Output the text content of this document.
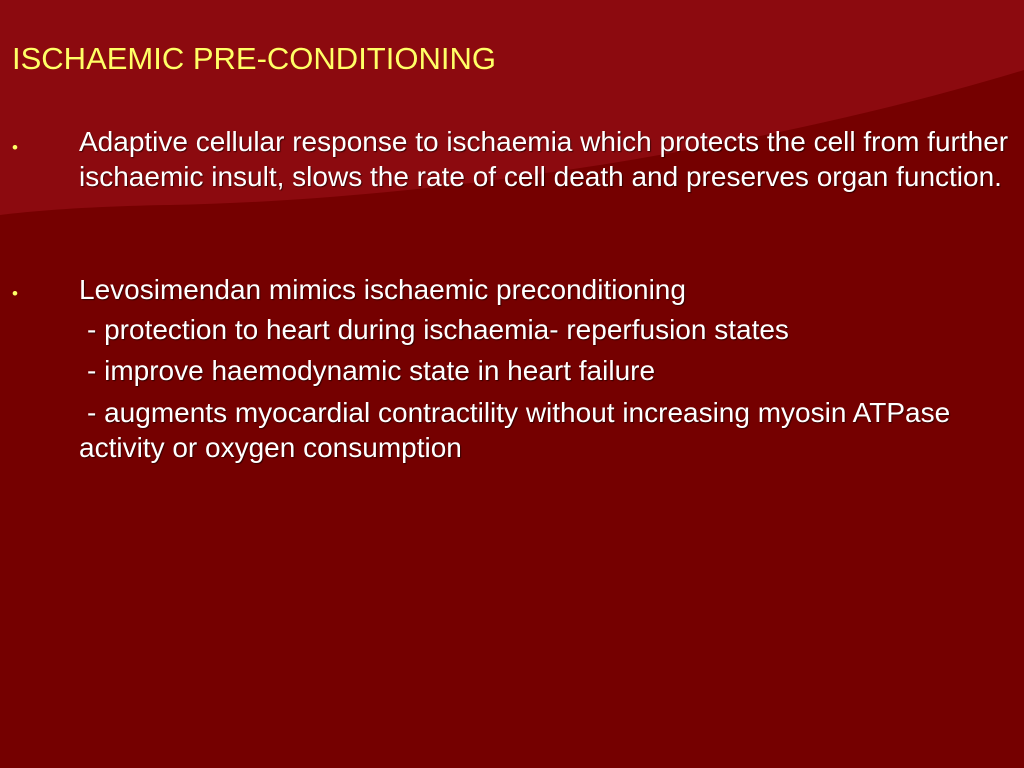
ISCHAEMIC PRE-CONDITIONING
• Adaptive cellular response to ischaemia which protects the cell from further ischaemic insult, slows the rate of cell death and preserves organ function.
• Levosimendan mimics ischaemic preconditioning
- protection to heart during ischaemia- reperfusion states
- improve haemodynamic state in heart failure
- augments myocardial contractility without increasing myosin ATPase activity or oxygen consumption
